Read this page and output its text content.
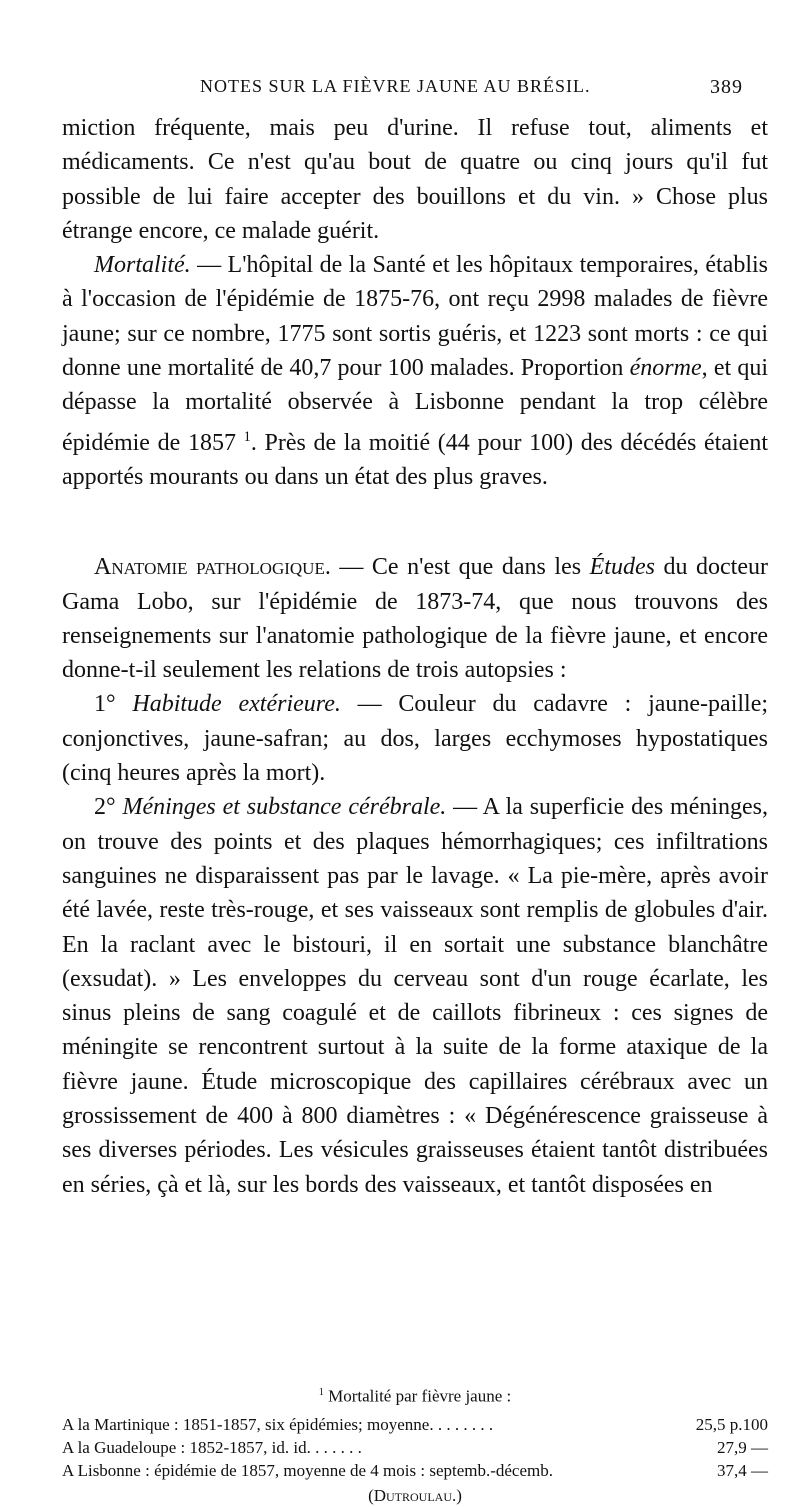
NOTES SUR LA FIÈVRE JAUNE AU BRÉSIL.	389

miction fréquente, mais peu d'urine. Il refuse tout, aliments et médicaments. Ce n'est qu'au bout de quatre ou cinq jours qu'il fut possible de lui faire accepter des bouillons et du vin. » Chose plus étrange encore, ce malade guérit.

Mortalité. — L'hôpital de la Santé et les hôpitaux temporaires, établis à l'occasion de l'épidémie de 1875-76, ont reçu 2998 malades de fièvre jaune; sur ce nombre, 1775 sont sortis guéris, et 1223 sont morts : ce qui donne une mortalité de 40,7 pour 100 malades. Proportion énorme, et qui dépasse la mortalité observée à Lisbonne pendant la trop célèbre épidémie de 1857 $^1$. Près de la moitié (44 pour 100) des décédés étaient apportés mourants ou dans un état des plus graves.

Anatomie pathologique. — Ce n'est que dans les Études du docteur Gama Lobo, sur l'épidémie de 1873-74, que nous trouvons des renseignements sur l'anatomie pathologique de la fièvre jaune, et encore donne-t-il seulement les relations de trois autopsies :

1° Habitude extérieure. — Couleur du cadavre : jaune-paille; conjonctives, jaune-safran; au dos, larges ecchymoses hypostatiques (cinq heures après la mort).

2° Méninges et substance cérébrale. — A la superficie des méninges, on trouve des points et des plaques hémorrhagiques; ces infiltrations sanguines ne disparaissent pas par le lavage. « La pie-mère, après avoir été lavée, reste très-rouge, et ses vaisseaux sont remplis de globules d'air. En la raclant avec le bistouri, il en sortait une substance blanchâtre (exsudat). » Les enveloppes du cerveau sont d'un rouge écarlate, les sinus pleins de sang coagulé et de caillots fibrineux : ces signes de méningite se rencontrent surtout à la suite de la forme ataxique de la fièvre jaune. Étude microscopique des capillaires cérébraux avec un grossissement de 400 à 800 diamètres : « Dégénérescence graisseuse à ses diverses périodes. Les vésicules graisseuses étaient tantôt distribuées en séries, çà et là, sur les bords des vaisseaux, et tantôt disposées en

$^1$ Mortalité par fièvre jaune :
A la Martinique : 1851-1857, six épidémies; moyenne. . . . . . . .	25,5 p.100
A la Guadeloupe : 1852-1857, id. id. . . . . . .	27,9 —
A Lisbonne : épidémie de 1857, moyenne de 4 mois : septemb.-décemb.	37,4 —
(Dutroulau.)
